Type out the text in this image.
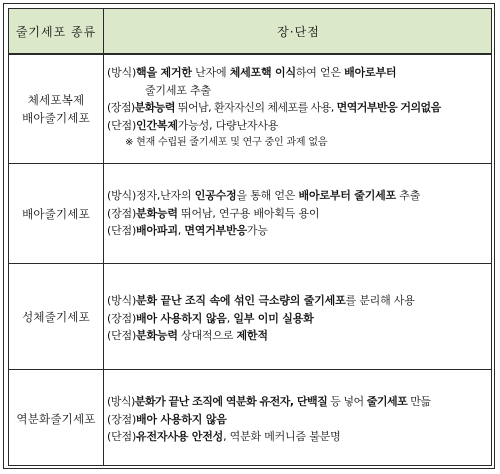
줄기세포 종류	장·단점
체세포복제
배아줄기세포
(방식)핵을 제거한 난자에 체세포핵 이식하여 얻은 배아로부터
줄기세포 추출
(장점)분화능력 뛰어남, 환자자신의 체세포를 사용, 면역거부반응 거의없음
(단점)인간복제가능성, 다량난자사용
※ 현재 수립된 줄기세포 및 연구 중인 과제 없음
배아줄기세포
(방식)정자,난자의 인공수정을 통해 얻은 배아로부터 줄기세포 추출
(장점)분화능력 뛰어남, 연구용 배아획득 용이
(단점)배아파괴, 면역거부반응가능
성체줄기세포
(방식)분화 끝난 조직 속에 섞인 극소량의 줄기세포를 분리해 사용
(장점)배아 사용하지 않음, 일부 이미 실용화
(단점)분화능력 상대적으로 제한적
역분화줄기세포
(방식)분화가 끝난 조직에 역분화 유전자, 단백질 등 넣어 줄기세포 만듦
(장점)배아 사용하지 않음
(단점)유전자사용 안전성, 역분화 메커니즘 불분명
